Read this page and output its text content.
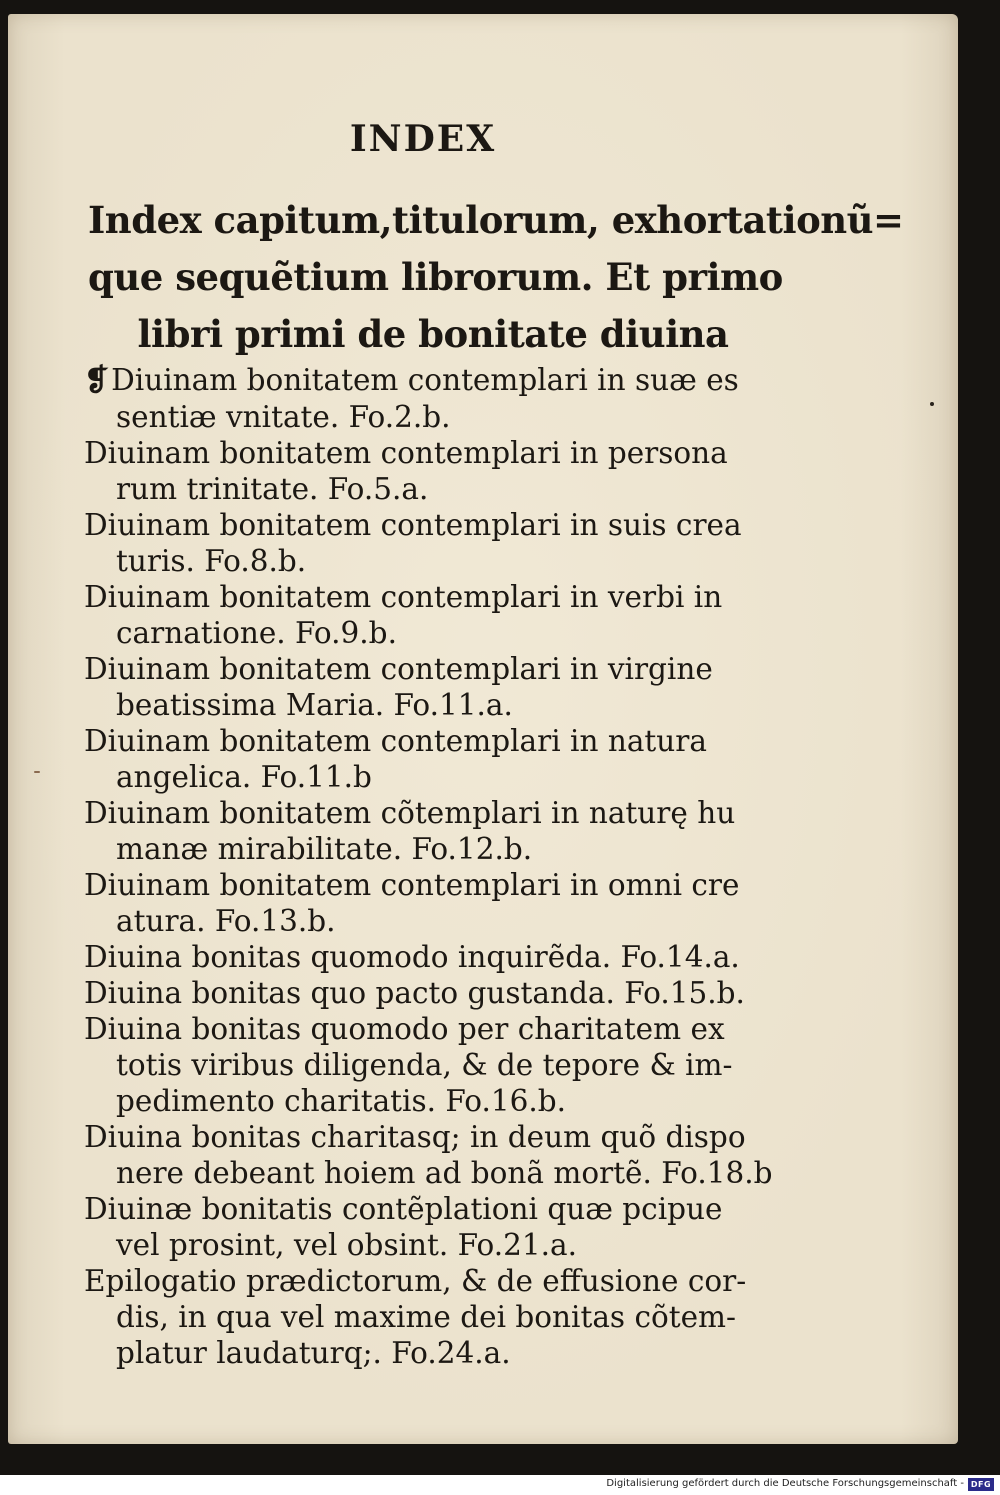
INDEX
Index capitum,titulorum, exhortationũ=
que sequẽtium librorum. Et primo
libri primi de bonitate diuina
❡Diuinam bonitatem contemplari in suæ es
sentiæ vnitate. Fo.2.b.
Diuinam bonitatem contemplari in persona
rum trinitate. Fo.5.a.
Diuinam bonitatem contemplari in suis crea
turis. Fo.8.b.
Diuinam bonitatem contemplari in verbi in
carnatione. Fo.9.b.
Diuinam bonitatem contemplari in virgine
beatissima Maria. Fo.11.a.
Diuinam bonitatem contemplari in natura
angelica. Fo.11.b
Diuinam bonitatem cõtemplari in naturę hu
manæ mirabilitate. Fo.12.b.
Diuinam bonitatem contemplari in omni cre
atura. Fo.13.b.
Diuina bonitas quomodo inquirẽda. Fo.14.a.
Diuina bonitas quo pacto gustanda. Fo.15.b.
Diuina bonitas quomodo per charitatem ex
totis viribus diligenda, & de tepore & im-
pedimento charitatis. Fo.16.b.
Diuina bonitas charitasq; in deum quõ dispo
nere debeant hoiem ad bonã mortẽ. Fo.18.b
Diuinæ bonitatis contẽplationi quæ pcipue
vel prosint, vel obsint. Fo.21.a.
Epilogatio prædictorum, & de effusione cor-
dis, in qua vel maxime dei bonitas cõtem-
platur laudaturq;. Fo.24.a.
Digitalisierung gefördert durch die Deutsche Forschungsgemeinschaft - DFG
